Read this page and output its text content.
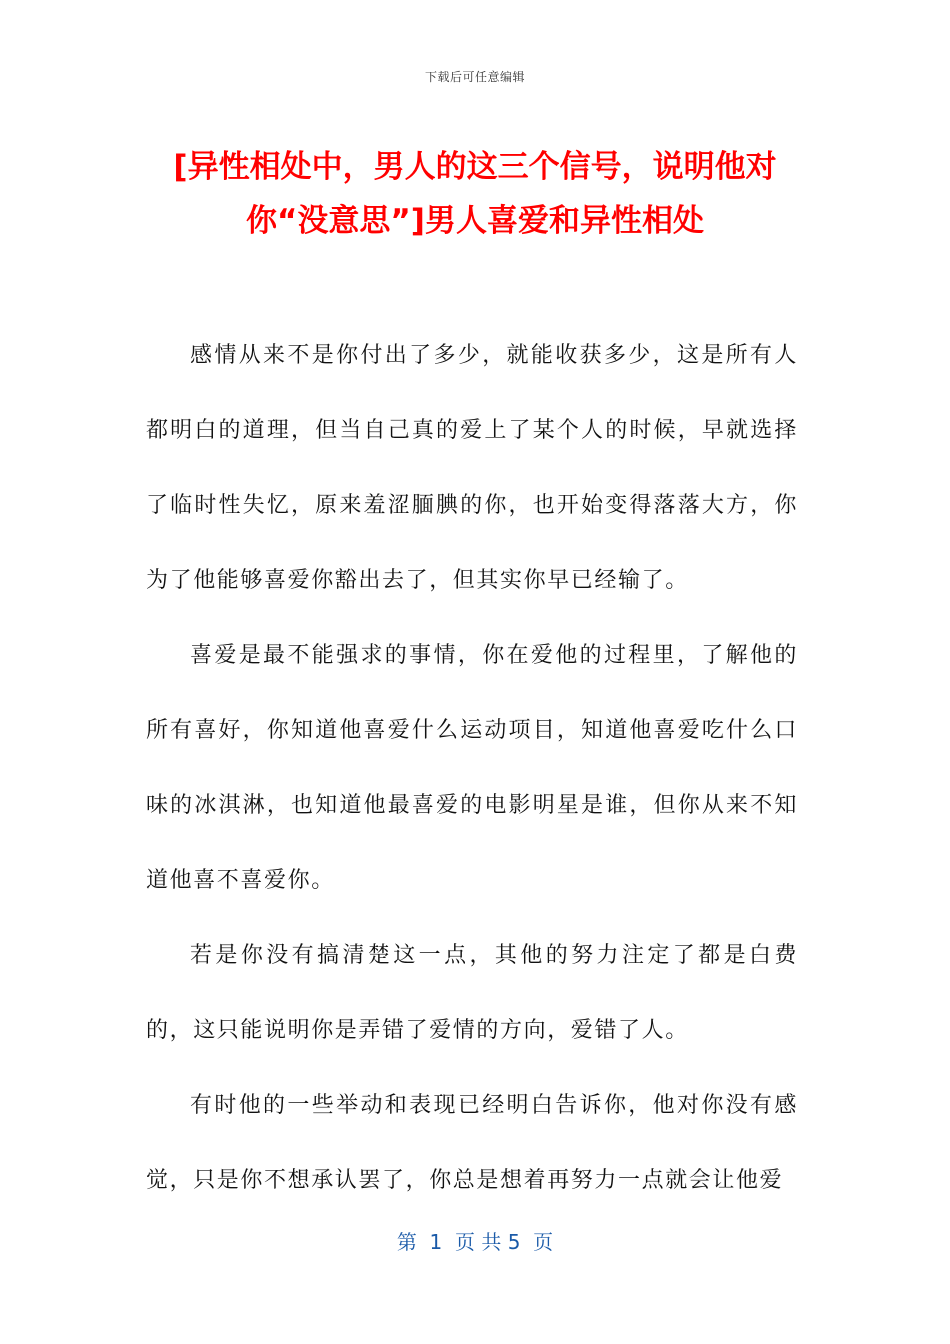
下载后可任意编辑
[异性相处中，男人的这三个信号，说明他对
你“没意思”]男人喜爱和异性相处

感情从来不是你付出了多少，就能收获多少，这是所有人都明白的道理，但当自己真的爱上了某个人的时候，早就选择了临时性失忆，原来羞涩腼腆的你，也开始变得落落大方，你为了他能够喜爱你豁出去了，但其实你早已经输了。

喜爱是最不能强求的事情，你在爱他的过程里，了解他的所有喜好，你知道他喜爱什么运动项目，知道他喜爱吃什么口味的冰淇淋，也知道他最喜爱的电影明星是谁，但你从来不知道他喜不喜爱你。

若是你没有搞清楚这一点，其他的努力注定了都是白费的，这只能说明你是弄错了爱情的方向，爱错了人。

有时他的一些举动和表现已经明白告诉你，他对你没有感觉，只是你不想承认罢了，你总是想着再努力一点就会让他爱

第  1  页 共 5  页
